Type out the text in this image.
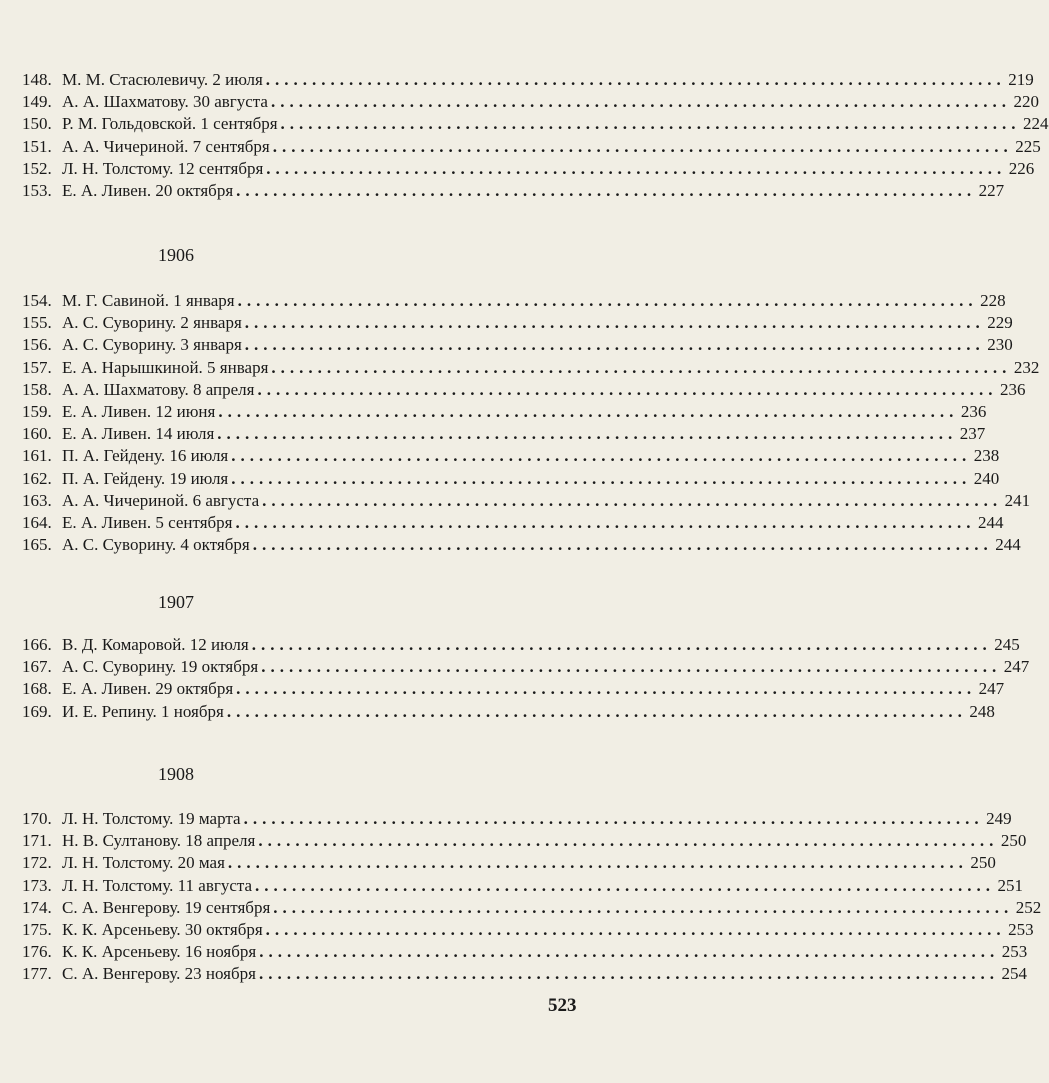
148. М. М. Стасюлевичу. 2 июля ................................................................................ 219
149. А. А. Шахматову. 30 августа ................................................................................ 220
150. Р. М. Гольдовской. 1 сентября ................................................................................ 224
151. А. А. Чичериной. 7 сентября ................................................................................ 225
152. Л. Н. Толстому. 12 сентября ................................................................................ 226
153. Е. А. Ливен. 20 октября ................................................................................ 227
1906
154. М. Г. Савиной. 1 января ................................................................................ 228
155. А. С. Суворину. 2 января ................................................................................ 229
156. А. С. Суворину. 3 января ................................................................................ 230
157. Е. А. Нарышкиной. 5 января ................................................................................ 232
158. А. А. Шахматову. 8 апреля ................................................................................ 236
159. Е. А. Ливен. 12 июня ................................................................................ 236
160. Е. А. Ливен. 14 июля ................................................................................ 237
161. П. А. Гейдену. 16 июля ................................................................................ 238
162. П. А. Гейдену. 19 июля ................................................................................ 240
163. А. А. Чичериной. 6 августа ................................................................................ 241
164. Е. А. Ливен. 5 сентября ................................................................................ 244
165. А. С. Суворину. 4 октября ................................................................................ 244
1907
166. В. Д. Комаровой. 12 июля ................................................................................ 245
167. А. С. Суворину. 19 октября ................................................................................ 247
168. Е. А. Ливен. 29 октября ................................................................................ 247
169. И. Е. Репину. 1 ноября ................................................................................ 248
1908
170. Л. Н. Толстому. 19 марта ................................................................................ 249
171. Н. В. Султанову. 18 апреля ................................................................................ 250
172. Л. Н. Толстому. 20 мая ................................................................................ 250
173. Л. Н. Толстому. 11 августа ................................................................................ 251
174. С. А. Венгерову. 19 сентября ................................................................................ 252
175. К. К. Арсеньеву. 30 октября ................................................................................ 253
176. К. К. Арсеньеву. 16 ноября ................................................................................ 253
177. С. А. Венгерову. 23 ноября ................................................................................ 254
523
